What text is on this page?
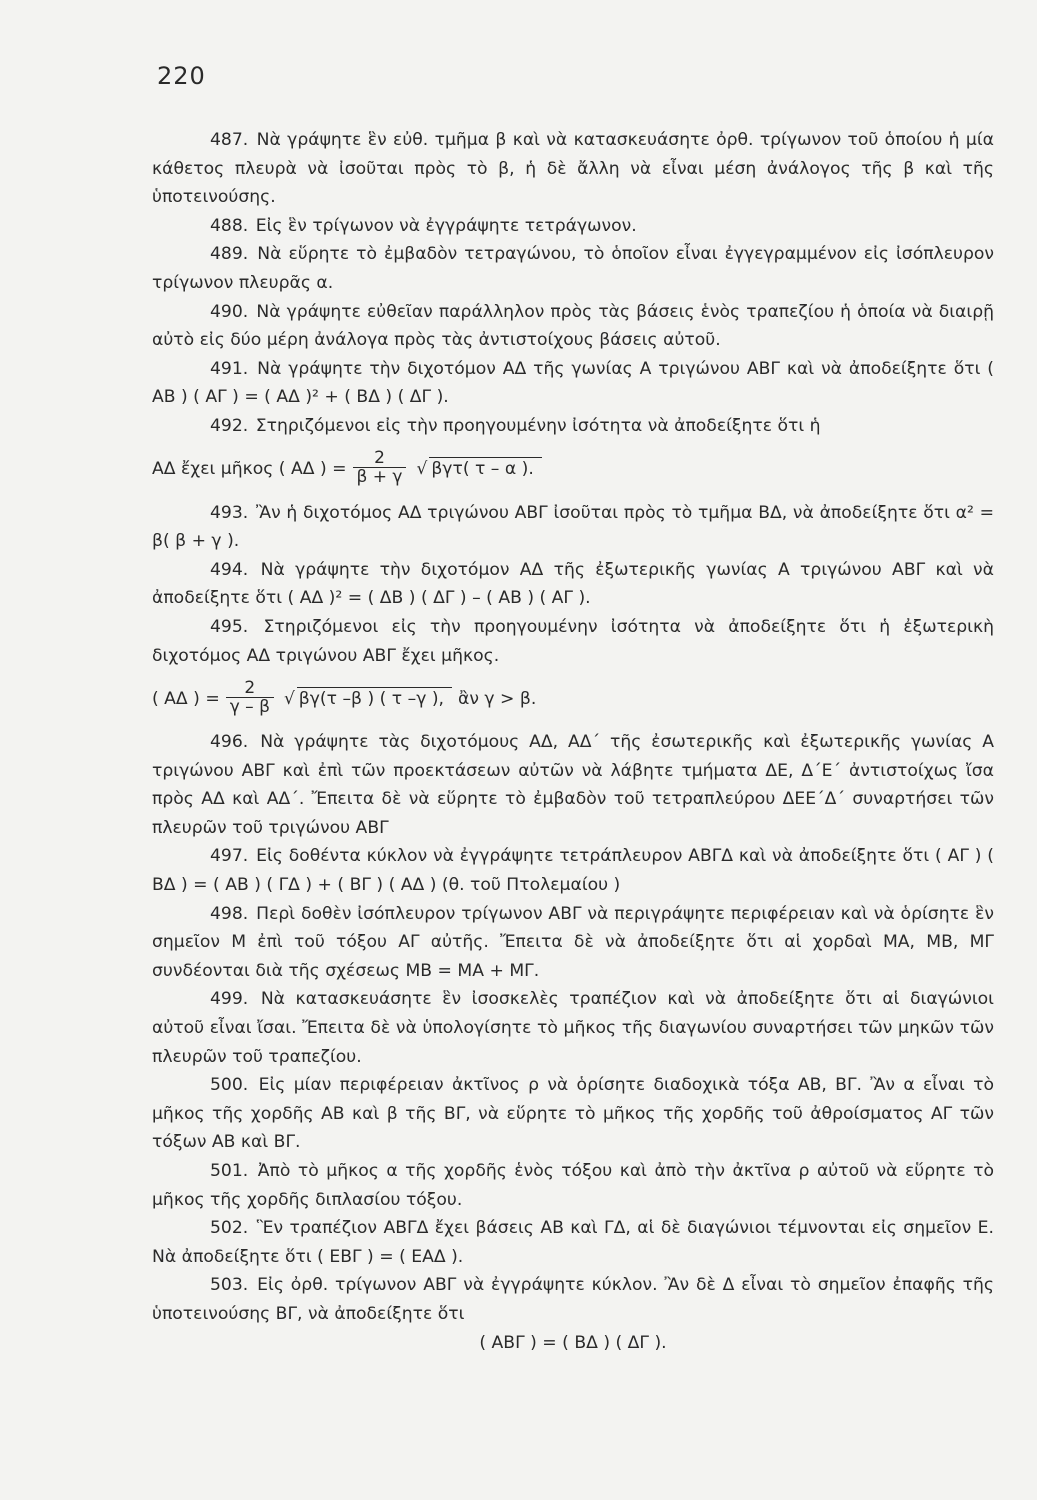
220

487. Νὰ γράψητε ἓν εὐθ. τμῆμα β καὶ νὰ κατασκευάσητε ὀρθ. τρίγωνον τοῦ ὁποίου ἡ μία κάθετος πλευρὰ νὰ ἰσοῦται πρὸς τὸ β, ἡ δὲ ἄλλη νὰ εἶναι μέση ἀνάλογος τῆς β καὶ τῆς ὑποτεινούσης.

488. Εἰς ἓν τρίγωνον νὰ ἐγγράψητε τετράγωνον.

489. Νὰ εὕρητε τὸ ἐμβαδὸν τετραγώνου, τὸ ὁποῖον εἶναι ἐγγεγραμμένον εἰς ἰσόπλευρον τρίγωνον πλευρᾶς α.

490. Νὰ γράψητε εὐθεῖαν παράλληλον πρὸς τὰς βάσεις ἑνὸς τραπεζίου ἡ ὁποία νὰ διαιρῇ αὐτὸ εἰς δύο μέρη ἀνάλογα πρὸς τὰς ἀντιστοίχους βάσεις αὐτοῦ.

491. Νὰ γράψητε τὴν διχοτόμον ΑΔ τῆς γωνίας Α τριγώνου ΑΒΓ καὶ νὰ ἀποδείξητε ὅτι ( ΑΒ ) ( ΑΓ ) = ( ΑΔ )² + ( ΒΔ ) ( ΔΓ ).

492. Στηριζόμενοι εἰς τὴν προηγουμένην ἰσότητα νὰ ἀποδείξητε ὅτι ἡ

ΑΔ ἔχει μῆκος ( ΑΔ ) = $\frac{2}{\beta + \gamma}$ √ βγτ( τ – α ).

493. Ἂν ἡ διχοτόμος ΑΔ τριγώνου ΑΒΓ ἰσοῦται πρὸς τὸ τμῆμα ΒΔ, νὰ ἀποδείξητε ὅτι α² = β( β + γ ).

494. Νὰ γράψητε τὴν διχοτόμον ΑΔ τῆς ἐξωτερικῆς γωνίας Α τριγώνου ΑΒΓ καὶ νὰ ἀποδείξητε ὅτι ( ΑΔ )² = ( ΔΒ ) ( ΔΓ ) – ( ΑΒ ) ( ΑΓ ).

495. Στηριζόμενοι εἰς τὴν προηγουμένην ἰσότητα νὰ ἀποδείξητε ὅτι ἡ ἐξωτερικὴ διχοτόμος ΑΔ τριγώνου ΑΒΓ ἔχει μῆκος.

( ΑΔ ) = $\frac{2}{\gamma - \beta}$ √ βγ(τ –β ) ( τ –γ ), ἂν γ > β.

496. Νὰ γράψητε τὰς διχοτόμους ΑΔ, ΑΔ΄ τῆς ἐσωτερικῆς καὶ ἐξωτερικῆς γωνίας Α τριγώνου ΑΒΓ καὶ ἐπὶ τῶν προεκτάσεων αὐτῶν νὰ λάβητε τμήματα ΔΕ, Δ΄Ε΄ ἀντιστοίχως ἴσα πρὸς ΑΔ καὶ ΑΔ΄. Ἔπειτα δὲ νὰ εὕρητε τὸ ἐμβαδὸν τοῦ τετραπλεύρου ΔΕΕ΄Δ΄ συναρτήσει τῶν πλευρῶν τοῦ τριγώνου ΑΒΓ

497. Εἰς δοθέντα κύκλον νὰ ἐγγράψητε τετράπλευρον ΑΒΓΔ καὶ νὰ ἀποδείξητε ὅτι ( ΑΓ ) ( ΒΔ ) = ( ΑΒ ) ( ΓΔ ) + ( ΒΓ ) ( ΑΔ ) (θ. τοῦ Πτολεμαίου )

498. Περὶ δοθὲν ἰσόπλευρον τρίγωνον ΑΒΓ νὰ περιγράψητε περιφέρειαν καὶ νὰ ὁρίσητε ἓν σημεῖον Μ ἐπὶ τοῦ τόξου ΑΓ αὐτῆς. Ἔπειτα δὲ νὰ ἀποδείξητε ὅτι αἱ χορδαὶ ΜΑ, ΜΒ, ΜΓ συνδέονται διὰ τῆς σχέσεως ΜΒ = ΜΑ + ΜΓ.

499. Νὰ κατασκευάσητε ἓν ἰσοσκελὲς τραπέζιον καὶ νὰ ἀποδείξητε ὅτι αἱ διαγώνιοι αὐτοῦ εἶναι ἴσαι. Ἔπειτα δὲ νὰ ὑπολογίσητε τὸ μῆκος τῆς διαγωνίου συναρτήσει τῶν μηκῶν τῶν πλευρῶν τοῦ τραπεζίου.

500. Εἰς μίαν περιφέρειαν ἀκτῖνος ρ νὰ ὁρίσητε διαδοχικὰ τόξα ΑΒ, ΒΓ. Ἂν α εἶναι τὸ μῆκος τῆς χορδῆς ΑΒ καὶ β τῆς ΒΓ, νὰ εὕρητε τὸ μῆκος τῆς χορδῆς τοῦ ἀθροίσματος ΑΓ τῶν τόξων ΑΒ καὶ ΒΓ.

501. Ἀπὸ τὸ μῆκος α τῆς χορδῆς ἑνὸς τόξου καὶ ἀπὸ τὴν ἀκτῖνα ρ αὐτοῦ νὰ εὕρητε τὸ μῆκος τῆς χορδῆς διπλασίου τόξου.

502. Ἓν τραπέζιον ΑΒΓΔ ἔχει βάσεις ΑΒ καὶ ΓΔ, αἱ δὲ διαγώνιοι τέμνονται εἰς σημεῖον Ε. Νὰ ἀποδείξητε ὅτι ( ΕΒΓ ) = ( ΕΑΔ ).

503. Εἰς ὀρθ. τρίγωνον ΑΒΓ νὰ ἐγγράψητε κύκλον. Ἂν δὲ Δ εἶναι τὸ σημεῖον ἐπαφῆς τῆς ὑποτεινούσης ΒΓ, νὰ ἀποδείξητε ὅτι

( ΑΒΓ ) = ( ΒΔ ) ( ΔΓ ).
